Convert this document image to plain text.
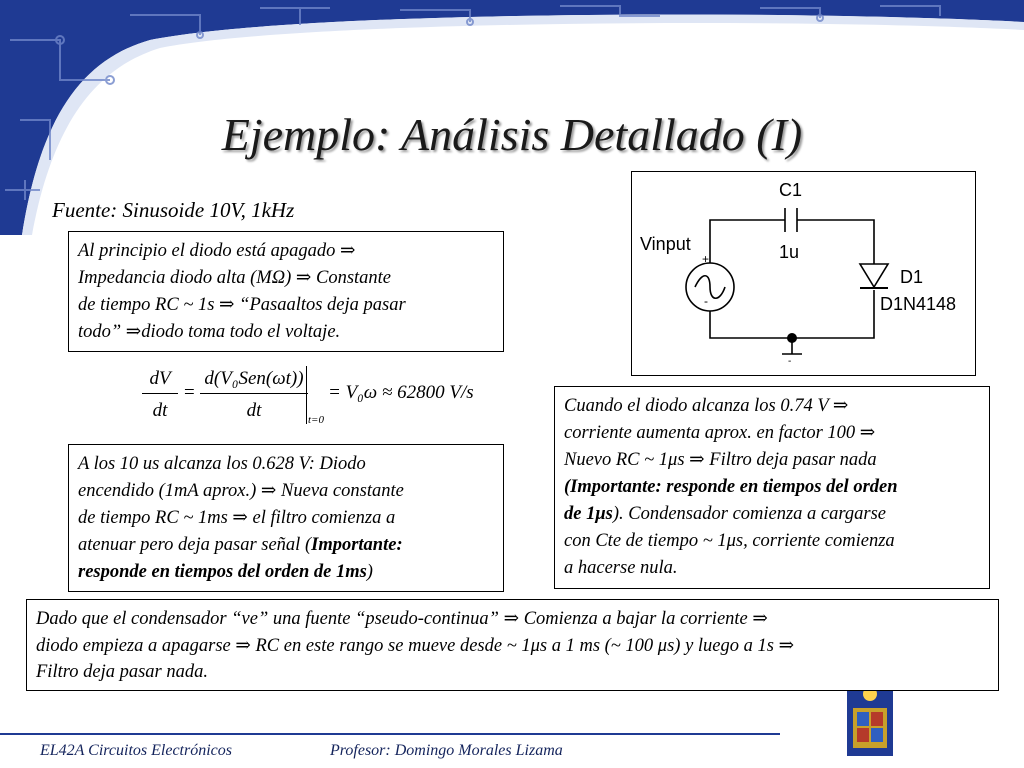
Ejemplo: Análisis Detallado (I)
Fuente: Sinusoide 10V, 1kHz
Al principio el diodo está apagado ⇒
Impedancia diodo alta (MΩ) ⇒ Constante
de tiempo RC ~ 1s ⇒ “Pasaaltos deja pasar
todo” ⇒diodo toma todo el voltaje.
dV
dt
=
d(V₀Sen(ωt))
dt	t=0
= V₀ω ≈ 62800 V/s
A los 10 us alcanza los 0.628 V: Diodo
encendido (1mA aprox.) ⇒ Nueva constante
de tiempo RC ~ 1ms ⇒ el filtro comienza a
atenuar pero deja pasar señal (Importante:
responde en tiempos del orden de 1ms)
C1
1u
Vinput
+
-
D1
D1N4148
-
Cuando el diodo alcanza los 0.74 V ⇒
corriente aumenta aprox. en factor 100 ⇒
Nuevo RC ~ 1μs ⇒ Filtro deja pasar nada
(Importante: responde en tiempos del orden
de 1μs). Condensador comienza a cargarse
con Cte de tiempo ~ 1μs, corriente comienza
a hacerse nula.
Dado que el condensador “ve” una fuente “pseudo-continua” ⇒ Comienza a bajar la corriente ⇒
diodo empieza a apagarse ⇒ RC en este rango se mueve desde ~ 1μs a 1 ms (~ 100 μs) y luego a 1s ⇒
Filtro deja pasar nada.
EL42A Circuitos Electrónicos	Profesor: Domingo Morales Lizama
